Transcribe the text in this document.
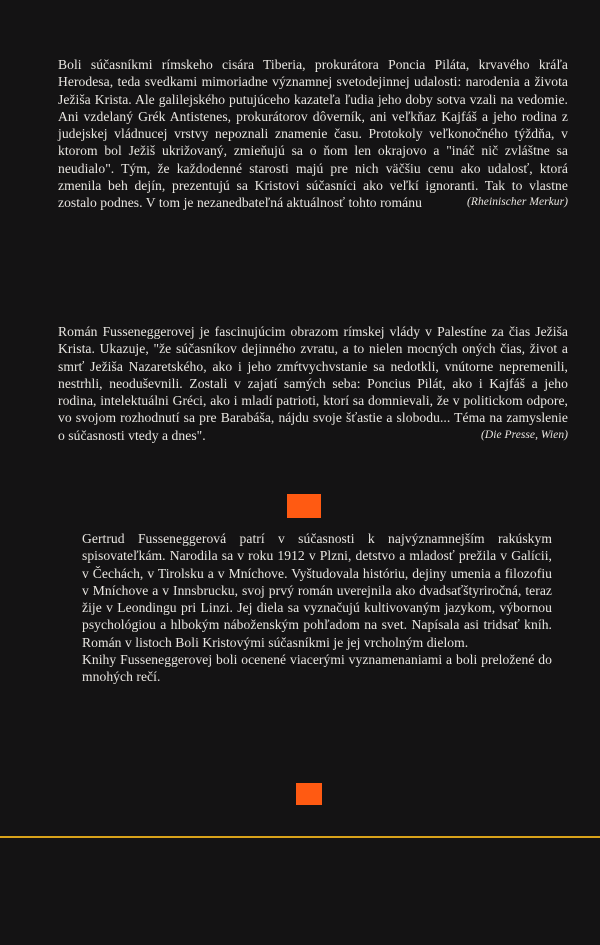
Boli súčasníkmi rímskeho cisára Tiberia, prokurátora Poncia Piláta, krvavého kráľa Herodesa, teda svedkami mimoriadne významnej svetodejinnej udalosti: narodenia a života Ježiša Krista. Ale galilejského putujúceho kazateľa ľudia jeho doby sotva vzali na vedomie. Ani vzdelaný Grék Antistenes, prokurátorov dôverník, ani veľkňaz Kajfáš a jeho rodina z judejskej vládnucej vrstvy nepoznali znamenie času. Protokoly veľkonočného týždňa, v ktorom bol Ježiš ukrižovaný, zmieňujú sa o ňom len okrajovo a "ináč nič zvláštne sa neudialo". Tým, že každodenné starosti majú pre nich väčšiu cenu ako udalosť, ktorá zmenila beh dejín, prezentujú sa Kristovi súčasníci ako veľkí ignoranti. Tak to vlastne zostalo podnes. V tom je nezanedbateľná aktuálnosť tohto románu	(Rheinischer Merkur)
Román Fusseneggerovej je fascinujúcim obrazom rímskej vlády v Palestíne za čias Ježiša Krista. Ukazuje, "že súčasníkov dejinného zvratu, a to nielen mocných oných čias, život a smrť Ježiša Nazaretského, ako i jeho zmŕtvychvstanie sa nedotkli, vnútorne nepremenili, nestrhli, neoduševnili. Zostali v zajatí samých seba: Poncius Pilát, ako i Kajfáš a jeho rodina, intelektuálni Gréci, ako i mladí patrioti, ktorí sa domnievali, že v politickom odpore, vo svojom rozhodnutí sa pre Barabáša, nájdu svoje šťastie a slobodu... Téma na zamyslenie o súčasnosti vtedy a dnes".	(Die Presse, Wien)
Gertrud Fusseneggerová patrí v súčasnosti k najvýznamnejším rakúskym spisovateľkám. Narodila sa v roku 1912 v Plzni, detstvo a mladosť prežila v Galícii, v Čechách, v Tirolsku a v Mníchove. Vyštudovala históriu, dejiny umenia a filozofiu v Mníchove a v Innsbrucku, svoj prvý román uverejnila ako dvadsaťštyriročná, teraz žije v Leondingu pri Linzi. Jej diela sa vyznačujú kultivovaným jazykom, výbornou psychológiou a hlbokým náboženským pohľadom na svet. Napísala asi tridsať kníh. Román v listoch Boli Kristovými súčasníkmi je jej vrcholným dielom.
Knihy Fusseneggerovej boli ocenené viacerými vyznamenaniami a boli preložené do mnohých rečí.
